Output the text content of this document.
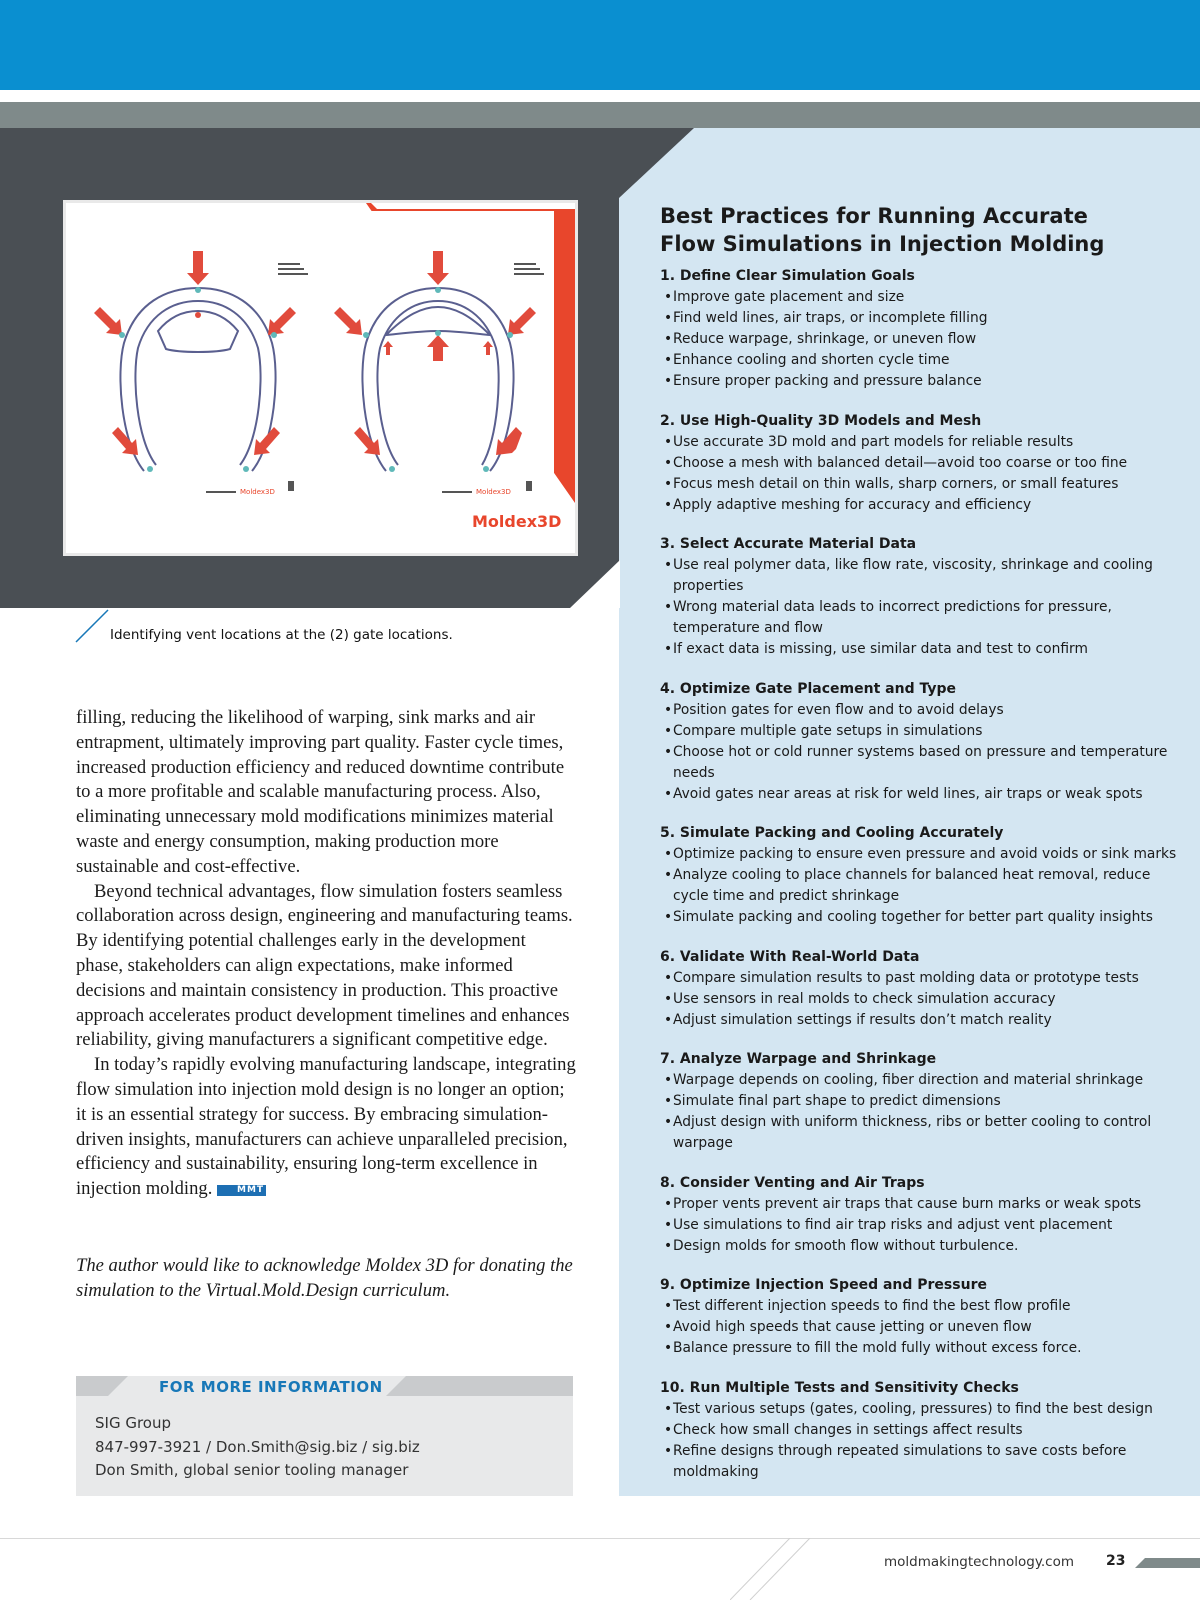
Moldex3D	Moldex3D
Moldex3D
Identifying vent locations at the (2) gate locations.

filling, reducing the likelihood of warping, sink marks and air entrapment, ultimately improving part quality. Faster cycle times, increased production efficiency and reduced downtime contribute to a more profitable and scalable manufacturing process. Also, eliminating unnecessary mold modifications minimizes material waste and energy consumption, making production more sustainable and cost-effective.

Beyond technical advantages, flow simulation fosters seamless collaboration across design, engineering and manufacturing teams. By identifying potential challenges early in the development phase, stakeholders can align expectations, make informed decisions and maintain consistency in production. This proactive approach accelerates product development timelines and enhances reliability, giving manufacturers a significant competitive edge.

In today’s rapidly evolving manufacturing landscape, integrating flow simulation into injection mold design is no longer an option; it is an essential strategy for success. By embracing simulation-driven insights, manufacturers can achieve unparalleled precision, efficiency and sustainability, ensuring long-term excellence in injection molding.	MMT

The author would like to acknowledge Moldex 3D for donating the simulation to the Virtual.Mold.Design curriculum.
FOR MORE INFORMATION
SIG Group
847-997-3921 / Don.Smith@sig.biz / sig.biz
Don Smith, global senior tooling manager
Best Practices for Running Accurate
Flow Simulations in Injection Molding
1. Define Clear Simulation Goals
• Improve gate placement and size
• Find weld lines, air traps, or incomplete filling
• Reduce warpage, shrinkage, or uneven flow
• Enhance cooling and shorten cycle time
• Ensure proper packing and pressure balance
2. Use High-Quality 3D Models and Mesh
• Use accurate 3D mold and part models for reliable results
• Choose a mesh with balanced detail—avoid too coarse or too fine
• Focus mesh detail on thin walls, sharp corners, or small features
• Apply adaptive meshing for accuracy and efficiency
3. Select Accurate Material Data
• Use real polymer data, like flow rate, viscosity, shrinkage and cooling properties
• Wrong material data leads to incorrect predictions for pressure, temperature and flow
• If exact data is missing, use similar data and test to confirm
4. Optimize Gate Placement and Type
• Position gates for even flow and to avoid delays
• Compare multiple gate setups in simulations
• Choose hot or cold runner systems based on pressure and temperature needs
• Avoid gates near areas at risk for weld lines, air traps or weak spots
5. Simulate Packing and Cooling Accurately
• Optimize packing to ensure even pressure and avoid voids or sink marks
• Analyze cooling to place channels for balanced heat removal, reduce cycle time and predict shrinkage
• Simulate packing and cooling together for better part quality insights
6. Validate With Real-World Data
• Compare simulation results to past molding data or prototype tests
• Use sensors in real molds to check simulation accuracy
• Adjust simulation settings if results don’t match reality
7. Analyze Warpage and Shrinkage
• Warpage depends on cooling, fiber direction and material shrinkage
• Simulate final part shape to predict dimensions
• Adjust design with uniform thickness, ribs or better cooling to control warpage
8. Consider Venting and Air Traps
• Proper vents prevent air traps that cause burn marks or weak spots
• Use simulations to find air trap risks and adjust vent placement
• Design molds for smooth flow without turbulence.
9. Optimize Injection Speed and Pressure
• Test different injection speeds to find the best flow profile
• Avoid high speeds that cause jetting or uneven flow
• Balance pressure to fill the mold fully without excess force.
10. Run Multiple Tests and Sensitivity Checks
• Test various setups (gates, cooling, pressures) to find the best design
• Check how small changes in settings affect results
• Refine designs through repeated simulations to save costs before moldmaking
moldmakingtechnology.com 23
